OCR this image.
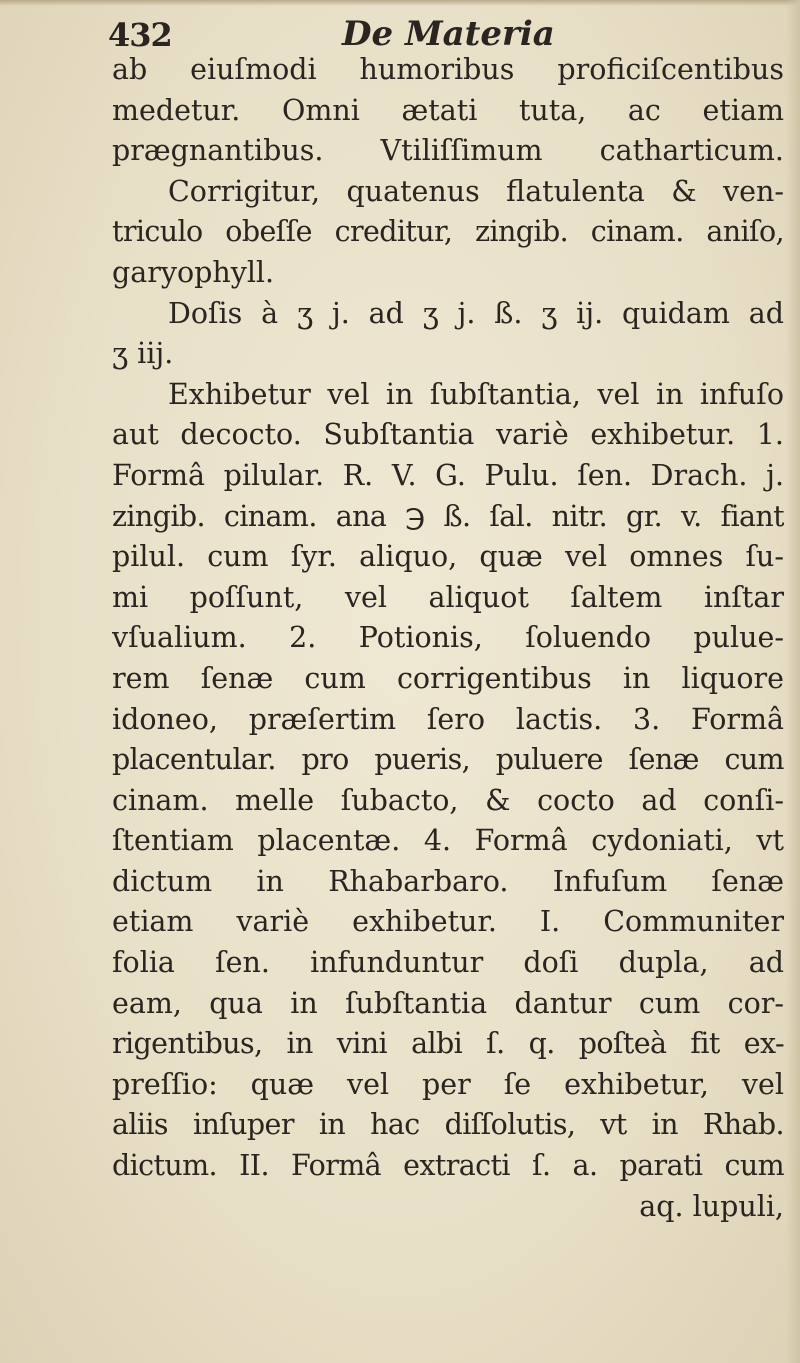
432	De Materia
ab eiuſmodi humoribus proficiſcentibus
medetur. Omni ætati tuta, ac etiam
prægnantibus. Vtiliſſimum catharticum.
Corrigitur, quatenus flatulenta & ven-
triculo obeſſe creditur, zingib. cinam. aniſo,
garyophyll.
Doſis à ʒ j. ad ʒ j. ß. ʒ ij. quidam ad
ʒ iij.
Exhibetur vel in ſubſtantia, vel in infuſo
aut decocto. Subſtantia variè exhibetur. 1.
Formâ pilular. R. V. G. Pulu. ſen. Drach. j.
zingib. cinam. ana ℈ ß. ſal. nitr. gr. v. fiant
pilul. cum ſyr. aliquo, quæ vel omnes ſu-
mi poſſunt, vel aliquot ſaltem inſtar
vſualium. 2. Potionis, ſoluendo pulue-
rem ſenæ cum corrigentibus in liquore
idoneo, præſertim ſero lactis. 3. Formâ
placentular. pro pueris, puluere ſenæ cum
cinam. melle ſubacto, & cocto ad conſi-
ſtentiam placentæ. 4. Formâ cydoniati, vt
dictum in Rhabarbaro. Infuſum ſenæ
etiam variè exhibetur. I. Communiter
folia ſen. infunduntur doſi dupla, ad
eam, qua in ſubſtantia dantur cum cor-
rigentibus, in vini albi ſ. q. poſteà fit ex-
preſſio: quæ vel per ſe exhibetur, vel
aliis inſuper in hac diſſolutis, vt in Rhab.
dictum. II. Formâ extracti ſ. a. parati cum
aq. lupuli,
